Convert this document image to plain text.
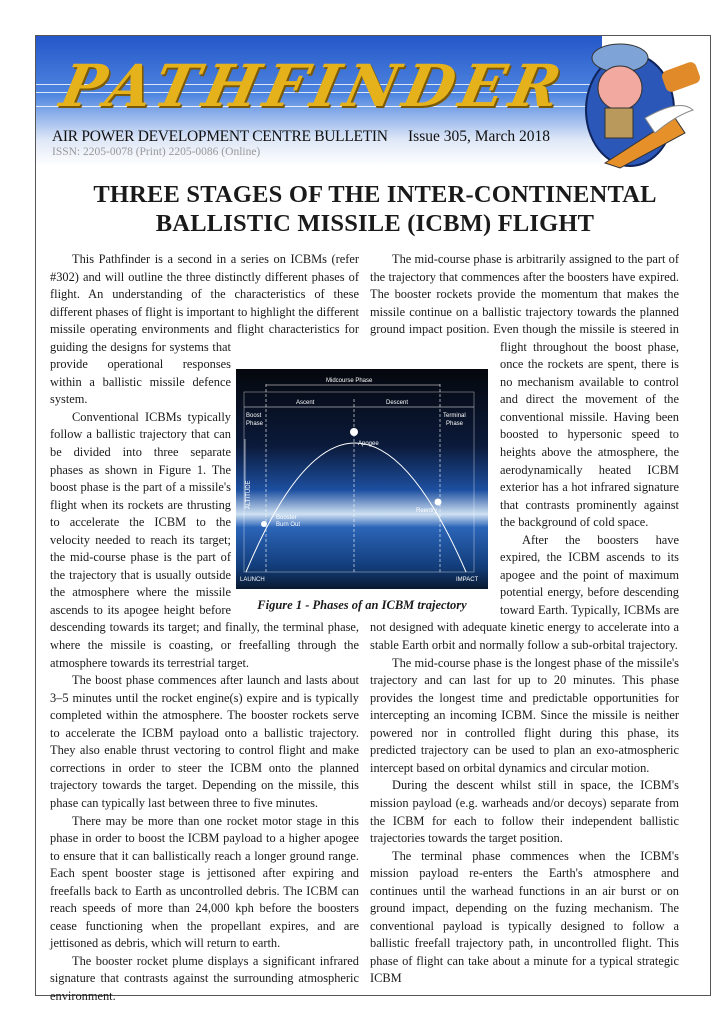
PATHFINDER
AIR POWER DEVELOPMENT CENTRE BULLETIN Issue 305, March 2018
ISSN: 2205-0078 (Print) 2205-0086 (Online)
THREE STAGES OF THE INTER-CONTINENTAL BALLISTIC MISSILE (ICBM) FLIGHT

This Pathfinder is a second in a series on ICBMs (refer #302) and will outline the three distinctly different phases of flight. An understanding of the characteristics of these different phases of flight is important to highlight the different missile operating environments and flight characteristics for guiding the designs for systems that provide operational responses within a ballistic missile defence system.

Conventional ICBMs typically follow a ballistic trajectory that can be divided into three separate phases as shown in Figure 1. The boost phase is the part of a missile's flight when its rockets are thrusting to accelerate the ICBM to the velocity needed to reach its target; the mid-course phase is the part of the trajectory that is usually outside the atmosphere where the missile ascends to its apogee height before descending towards its target; and finally, the terminal phase, where the missile is coasting, or freefalling through the atmosphere towards its terrestrial target.

The boost phase commences after launch and lasts about 3–5 minutes until the rocket engine(s) expire and is typically completed within the atmosphere. The booster rockets serve to accelerate the ICBM payload onto a ballistic trajectory. They also enable thrust vectoring to control flight and make corrections in order to steer the ICBM onto the planned trajectory towards the target. Depending on the missile, this phase can typically last between three to five minutes.

There may be more than one rocket motor stage in this phase in order to boost the ICBM payload to a higher apogee to ensure that it can ballistically reach a longer ground range. Each spent booster stage is jettisoned after expiring and freefalls back to Earth as uncontrolled debris. The ICBM can reach speeds of more than 24,000 kph before the boosters cease functioning when the propellant expires, and are jettisoned as debris, which will return to earth.

The booster rocket plume displays a significant infrared signature that contrasts against the surrounding atmospheric environment.

The mid-course phase is arbitrarily assigned to the part of the trajectory that commences after the boosters have expired. The booster rockets provide the momentum that makes the missile continue on a ballistic trajectory towards the planned ground impact position. Even though the missile is steered in flight throughout the boost phase, once the rockets are spent, there is no mechanism available to control and direct the movement of the conventional missile. Having been boosted to hypersonic speed to heights above the atmosphere, the aerodynamically heated ICBM exterior has a hot infrared signature that contrasts prominently against the background of cold space.

After the boosters have expired, the ICBM ascends to its apogee and the point of maximum potential energy, before descending toward Earth. Typically, ICBMs are not designed with adequate kinetic energy to accelerate into a stable Earth orbit and normally follow a sub-orbital trajectory.

The mid-course phase is the longest phase of the missile's trajectory and can last for up to 20 minutes. This phase provides the longest time and predictable opportunities for intercepting an incoming ICBM. Since the missile is neither powered nor in controlled flight during this phase, its predicted trajectory can be used to plan an exo-atmospheric intercept based on orbital dynamics and circular motion.

During the descent whilst still in space, the ICBM's mission payload (e.g. warheads and/or decoys) separate from the ICBM for each to follow their independent ballistic trajectories towards the target position.

The terminal phase commences when the ICBM's mission payload re-enters the Earth's atmosphere and continues until the warhead functions in an air burst or on ground impact, depending on the fuzing mechanism. The conventional payload is typically designed to follow a ballistic freefall trajectory path, in uncontrolled flight. This phase of flight can take about a minute for a typical strategic ICBM

Midcourse Phase
Ascent	Descent
Boost
Phase
Terminal
Phase
Apogee
Reentry
Booster
Burn Out
ALTITUDE
LAUNCH	IMPACT
Figure 1 - Phases of an ICBM trajectory
